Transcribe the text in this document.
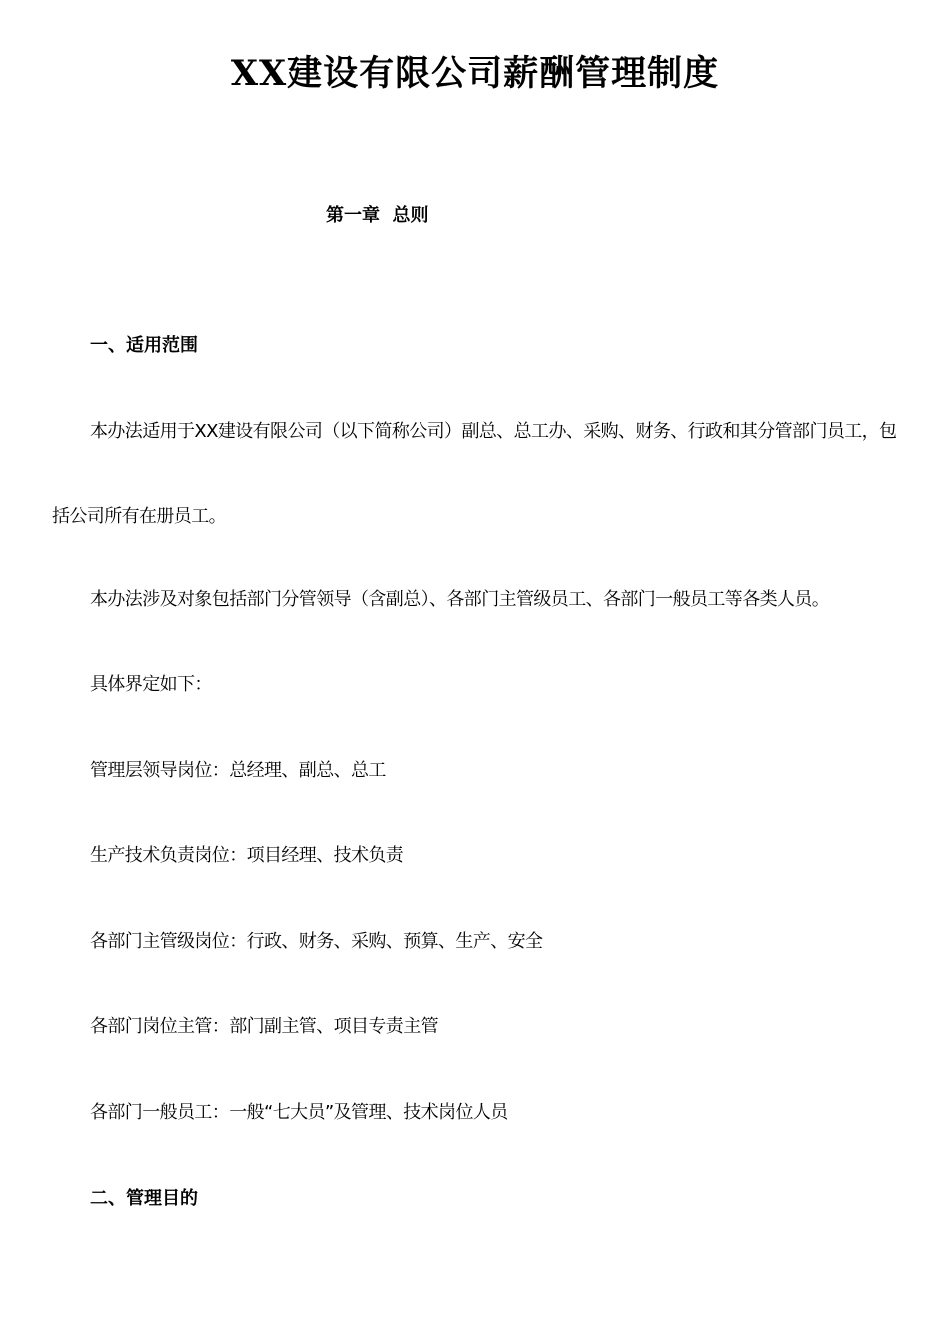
XX建设有限公司薪酬管理制度
第一章  总则
一、适用范围

本办法适用于XX建设有限公司（以下简称公司）副总、总工办、采购、财务、行政和其分管部门员工，包括公司所有在册员工。

本办法涉及对象包括部门分管领导（含副总）、各部门主管级员工、各部门一般员工等各类人员。
具体界定如下：
管理层领导岗位：总经理、副总、总工
生产技术负责岗位：项目经理、技术负责
各部门主管级岗位：行政、财务、采购、预算、生产、安全
各部门岗位主管：部门副主管、项目专责主管
各部门一般员工：一般“七大员”及管理、技术岗位人员
二、管理目的
